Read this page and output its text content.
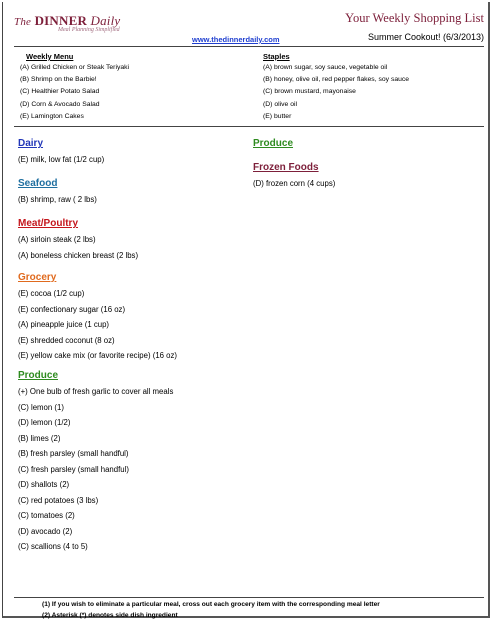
The DINNER Daily
Meal Planning Simplified
www.thedinnerdaily.com
Your Weekly Shopping List
Summer Cookout! (6/3/2013)
Weekly Menu
(A) Grilled Chicken or Steak Teriyaki
(B) Shrimp on the Barbie!
(C) Healthier Potato Salad
(D) Corn & Avocado Salad
(E) Lamington Cakes
Staples
(A) brown sugar, soy sauce, vegetable oil
(B) honey, olive oil, red pepper flakes, soy sauce
(C) brown mustard, mayonaise
(D) olive oil
(E) butter
Dairy
(E) milk, low fat (1/2 cup)
Seafood
(B) shrimp, raw ( 2 lbs)
Meat/Poultry
(A) sirloin steak (2 lbs)
(A) boneless chicken breast (2 lbs)
Grocery
(E) cocoa (1/2 cup)
(E) confectionary sugar (16 oz)
(A) pineapple juice (1 cup)
(E) shredded coconut (8 oz)
(E) yellow cake mix (or favorite recipe) (16 oz)
Produce
(+) One bulb of fresh garlic to cover all meals
(C) lemon (1)
(D) lemon (1/2)
(B) limes (2)
(B) fresh parsley (small handful)
(C) fresh parsley (small handful)
(D) shallots (2)
(C) red potatoes (3 lbs)
(C) tomatoes (2)
(D) avocado (2)
(C) scallions (4 to 5)
Produce
Frozen Foods
(D) frozen corn (4 cups)
(1) If you wish to eliminate a particular meal, cross out each grocery item with the corresponding meal letter
(2) Asterisk (*) denotes side dish ingredient
